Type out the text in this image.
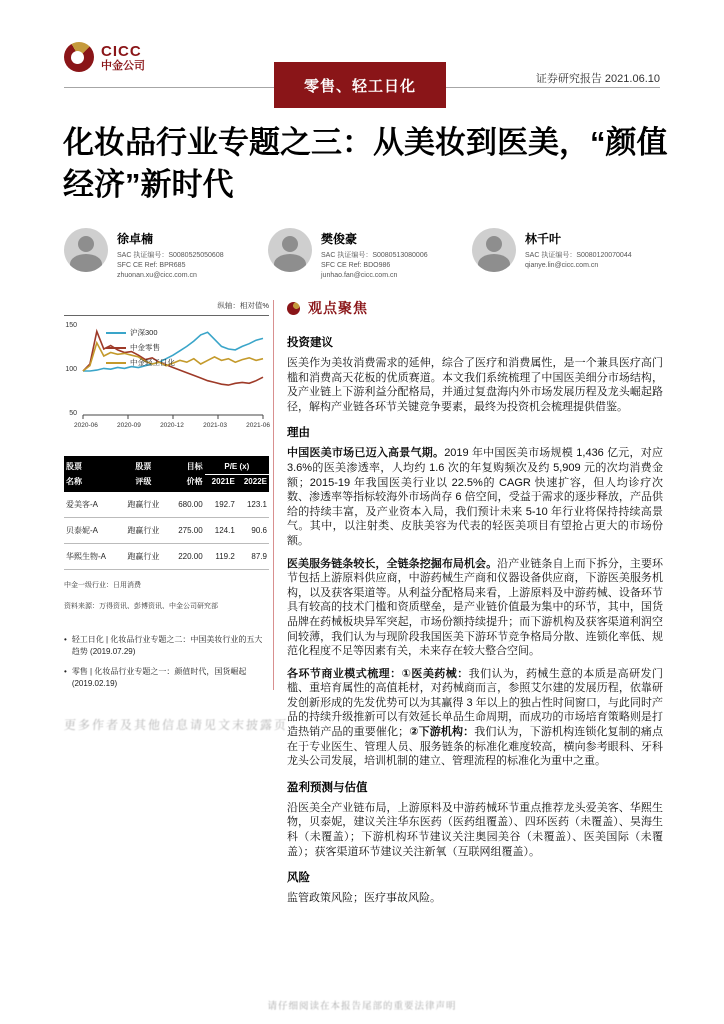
CICC
中金公司
零售、轻工日化	证券研究报告 2021.06.10
化妆品行业专题之三：从美妆到医美，“颜值经济”新时代
徐卓楠
SAC 执证编号：S0080525050608
SFC CE Ref: BPR685
zhuonan.xu@cicc.com.cn
樊俊豪
SAC 执证编号：S0080513080006
SFC CE Ref: BDO986
junhao.fan@cicc.com.cn
林千叶
SAC 执证编号：S0080120070044
qianye.lin@cicc.com.cn
纵轴：相对值%
150
100
50
沪深300
中金零售
中金轻工日化
2020-06	2020-09	2020-12	2021-03	2021-06
股票	股票	目标	P/E (x)	
名称	评级	价格	2021E	2022E
爱美客-A	跑赢行业	680.00	192.7	123.1
贝泰妮-A	跑赢行业	275.00	124.1	90.6
华熙生物-A	跑赢行业	220.00	119.2	87.9
中金一级行业：日用消费
资料来源：万得资讯、彭博资讯、中金公司研究部
• 轻工日化 | 化妆品行业专题之二：中国美妆行业的五大趋势 (2019.07.29)
• 零售 | 化妆品行业专题之一：颜值时代，国货崛起 (2019.02.19)
更多作者及其他信息请见文末披露页
观点聚焦
投资建议

医美作为美妆消费需求的延伸，综合了医疗和消费属性，是一个兼具医疗高门槛和消费高天花板的优质赛道。本文我们系统梳理了中国医美细分市场结构，及产业链上下游利益分配格局，并通过复盘海内外市场发展历程及龙头崛起路径，解构产业链各环节关键竞争要素，最终为投资机会梳理提供借鉴。

理由

中国医美市场已迈入高景气期。2019 年中国医美市场规模 1,436 亿元，对应 3.6%的医美渗透率，人均约 1.6 次的年复购频次及约 5,909 元的次均消费金额；2015-19 年我国医美行业以 22.5%的 CAGR 快速扩容，但人均诊疗次数、渗透率等指标较海外市场尚存 6 倍空间，受益于需求的逐步释放，产品供给的持续丰富，及产业资本入局，我们预计未来 5-10 年行业将保持持续高景气。其中，以注射类、皮肤美容为代表的轻医美项目有望抢占更大的市场份额。

医美服务链条较长，全链条挖掘布局机会。沿产业链条自上而下拆分，主要环节包括上游原料供应商，中游药械生产商和仪器设备供应商，下游医美服务机构，以及获客渠道等。从利益分配格局来看，上游原料及中游药械、设备环节具有较高的技术门槛和资质壁垒，是产业链价值最为集中的环节，其中，国货品牌在药械板块异军突起，市场份额持续提升；而下游机构及获客渠道利润空间较薄，我们认为与现阶段我国医美下游环节竞争格局分散、连锁化率低、规范化程度不足等因素有关，未来存在较大整合空间。

各环节商业模式梳理：①医美药械：我们认为，药械生意的本质是高研发门槛、重培育属性的高值耗材，对药械商而言，参照艾尔建的发展历程，依靠研发创新形成的先发优势可以为其赢得 3 年以上的独占性时间窗口，与此同时产品的持续升级推新可以有效延长单品生命周期，而成功的市场培育策略则是打造热销产品的重要催化；②下游机构：我们认为，下游机构连锁化复制的痛点在于专业医生、管理人员、服务链条的标准化难度较高，横向参考眼科、牙科龙头公司发展，培训机制的建立、管理流程的标准化为重中之重。

盈利预测与估值

沿医美全产业链布局，上游原料及中游药械环节重点推荐龙头爱美客、华熙生物，贝泰妮，建议关注华东医药（医药组覆盖）、四环医药（未覆盖）、昊海生科（未覆盖）；下游机构环节建议关注奥园美谷（未覆盖）、医美国际（未覆盖）；获客渠道环节建议关注新氧（互联网组覆盖）。

风险

监管政策风险；医疗事故风险。

请仔细阅读在本报告尾部的重要法律声明
